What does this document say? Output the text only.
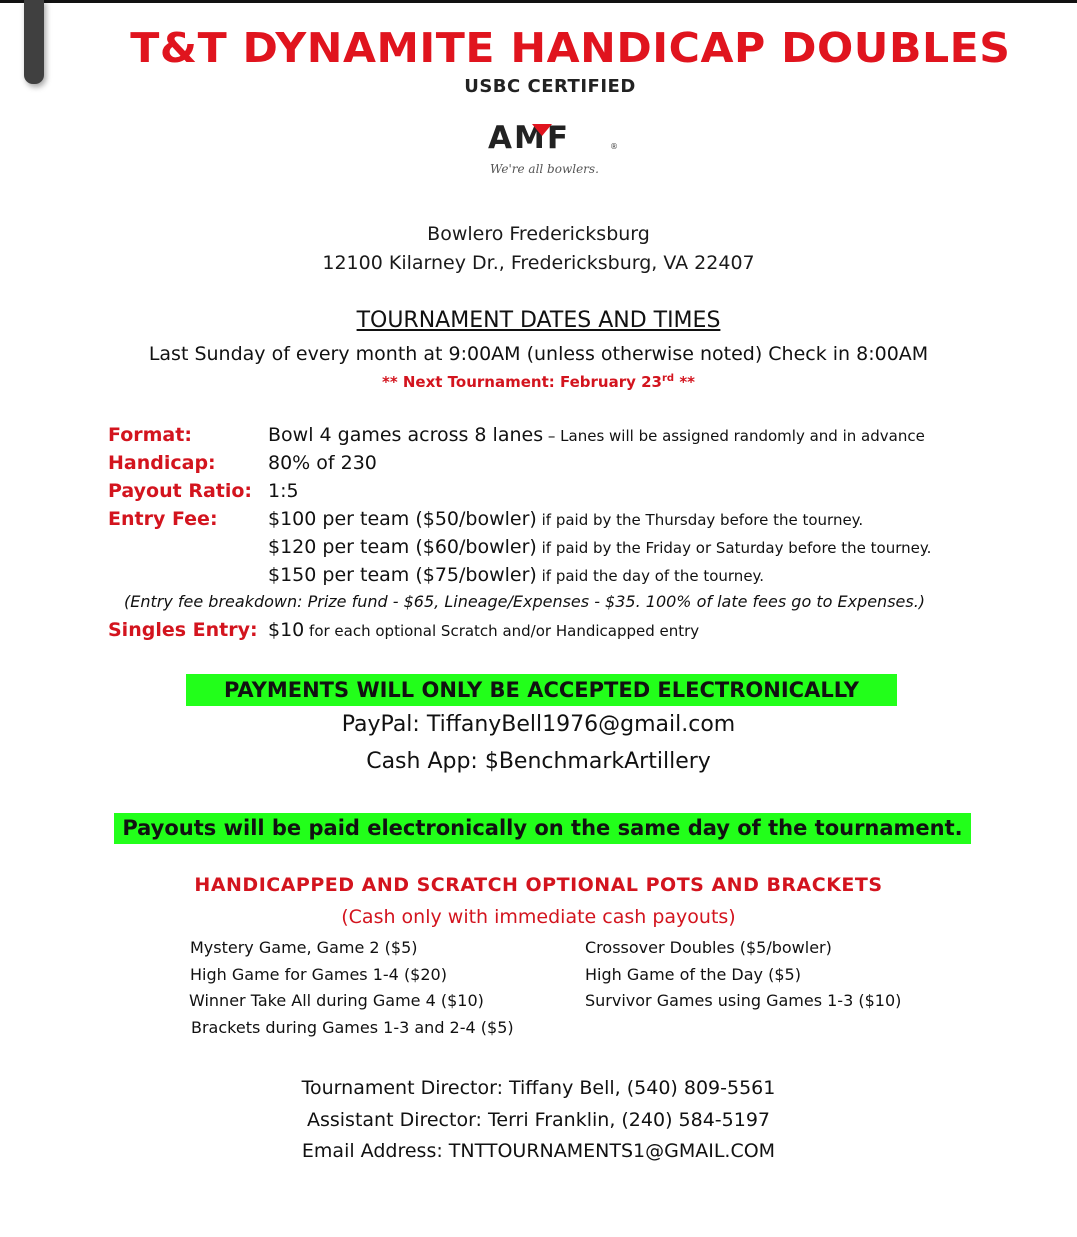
T&T DYNAMITE HANDICAP DOUBLES
USBC CERTIFIED
AMF	®
We're all bowlers.
Bowlero Fredericksburg
12100 Kilarney Dr., Fredericksburg, VA 22407
TOURNAMENT DATES AND TIMES
Last Sunday of every month at 9:00AM (unless otherwise noted) Check in 8:00AM
** Next Tournament: February 23rd **
Format:	Bowl 4 games across 8 lanes – Lanes will be assigned randomly and in advance
Handicap:	80% of 230
Payout Ratio: 1:5
Entry Fee:	$100 per team ($50/bowler) if paid by the Thursday before the tourney.
$120 per team ($60/bowler) if paid by the Friday or Saturday before the tourney.
$150 per team ($75/bowler) if paid the day of the tourney.
(Entry fee breakdown: Prize fund - $65, Lineage/Expenses - $35. 100% of late fees go to Expenses.)
Singles Entry: $10 for each optional Scratch and/or Handicapped entry
PAYMENTS WILL ONLY BE ACCEPTED ELECTRONICALLY
PayPal: TiffanyBell1976@gmail.com
Cash App: $BenchmarkArtillery
Payouts will be paid electronically on the same day of the tournament.
HANDICAPPED AND SCRATCH OPTIONAL POTS AND BRACKETS
(Cash only with immediate cash payouts)
Mystery Game, Game 2 ($5)
High Game for Games 1-4 ($20)
Winner Take All during Game 4 ($10)
Brackets during Games 1-3 and 2-4 ($5)
Crossover Doubles ($5/bowler)
High Game of the Day ($5)
Survivor Games using Games 1-3 ($10)
Tournament Director: Tiffany Bell, (540) 809-5561
Assistant Director: Terri Franklin, (240) 584-5197
Email Address: TNTTOURNAMENTS1@GMAIL.COM
